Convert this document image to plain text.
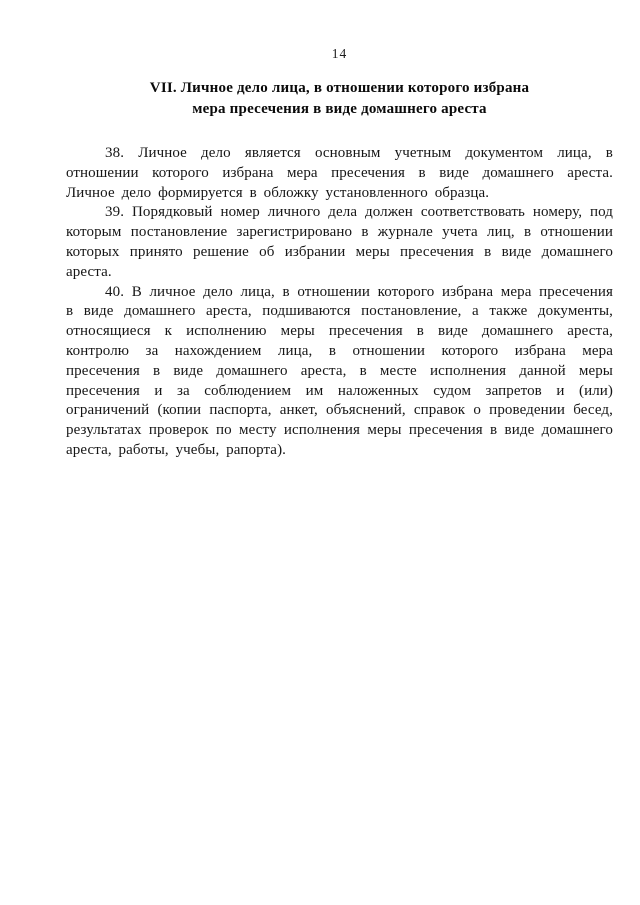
14
VII. Личное дело лица, в отношении которого избрана
мера пресечения в виде домашнего ареста

38. Личное дело является основным учетным документом лица, в отношении которого избрана мера пресечения в виде домашнего ареста. Личное дело формируется в обложку установленного образца.

39. Порядковый номер личного дела должен соответствовать номеру, под которым постановление зарегистрировано в журнале учета лиц, в отношении которых принято решение об избрании меры пресечения в виде домашнего ареста.

40. В личное дело лица, в отношении которого избрана мера пресечения в виде домашнего ареста, подшиваются постановление, а также документы, относящиеся к исполнению меры пресечения в виде домашнего ареста, контролю за нахождением лица, в отношении которого избрана мера пресечения в виде домашнего ареста, в месте исполнения данной меры пресечения и за соблюдением им наложенных судом запретов и (или) ограничений (копии паспорта, анкет, объяснений, справок о проведении бесед, результатах проверок по месту исполнения меры пресечения в виде домашнего ареста, работы, учебы, рапорта).
